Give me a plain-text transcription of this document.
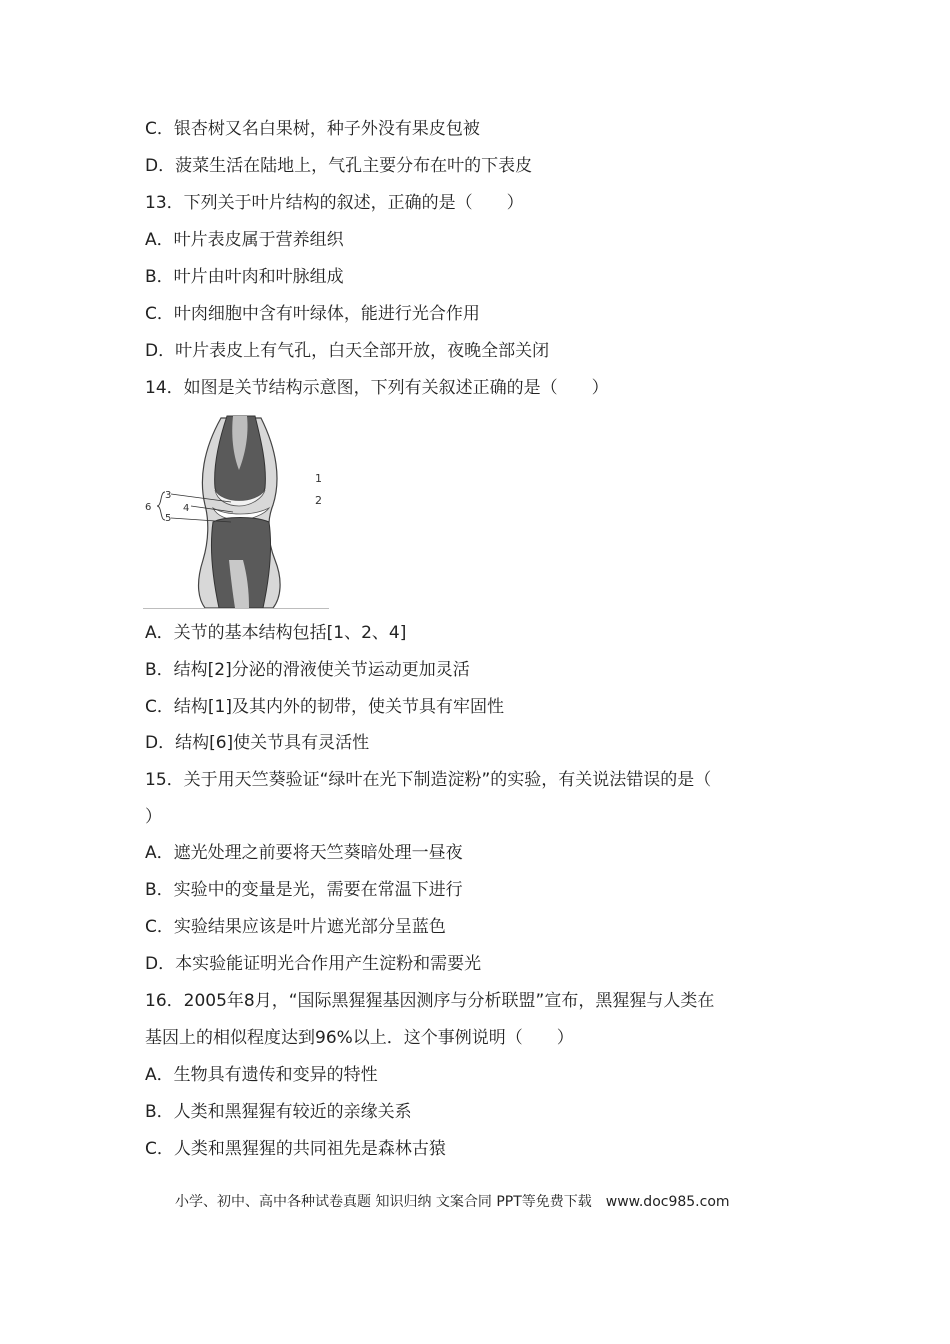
C．银杏树又名白果树，种子外没有果皮包被
D．菠菜生活在陆地上，气孔主要分布在叶的下表皮
13．下列关于叶片结构的叙述，正确的是（　　）
A．叶片表皮属于营养组织
B．叶片由叶肉和叶脉组成
C．叶肉细胞中含有叶绿体，能进行光合作用
D．叶片表皮上有气孔，白天全部开放，夜晚全部关闭
14．如图是关节结构示意图，下列有关叙述正确的是（　　）
1
2
3
4
5
6
A．关节的基本结构包括[1、2、4]
B．结构[2]分泌的滑液使关节运动更加灵活
C．结构[1]及其内外的韧带，使关节具有牢固性
D．结构[6]使关节具有灵活性
15．关于用天竺葵验证“绿叶在光下制造淀粉”的实验，有关说法错误的是（
）
A．遮光处理之前要将天竺葵暗处理一昼夜
B．实验中的变量是光，需要在常温下进行
C．实验结果应该是叶片遮光部分呈蓝色
D．本实验能证明光合作用产生淀粉和需要光
16．2005年8月，“国际黑猩猩基因测序与分析联盟”宣布，黑猩猩与人类在
基因上的相似程度达到96%以上．这个事例说明（　　）
A．生物具有遗传和变异的特性
B．人类和黑猩猩有较近的亲缘关系
C．人类和黑猩猩的共同祖先是森林古猿
小学、初中、高中各种试卷真题 知识归纳 文案合同 PPT等免费下载　www.doc985.com
